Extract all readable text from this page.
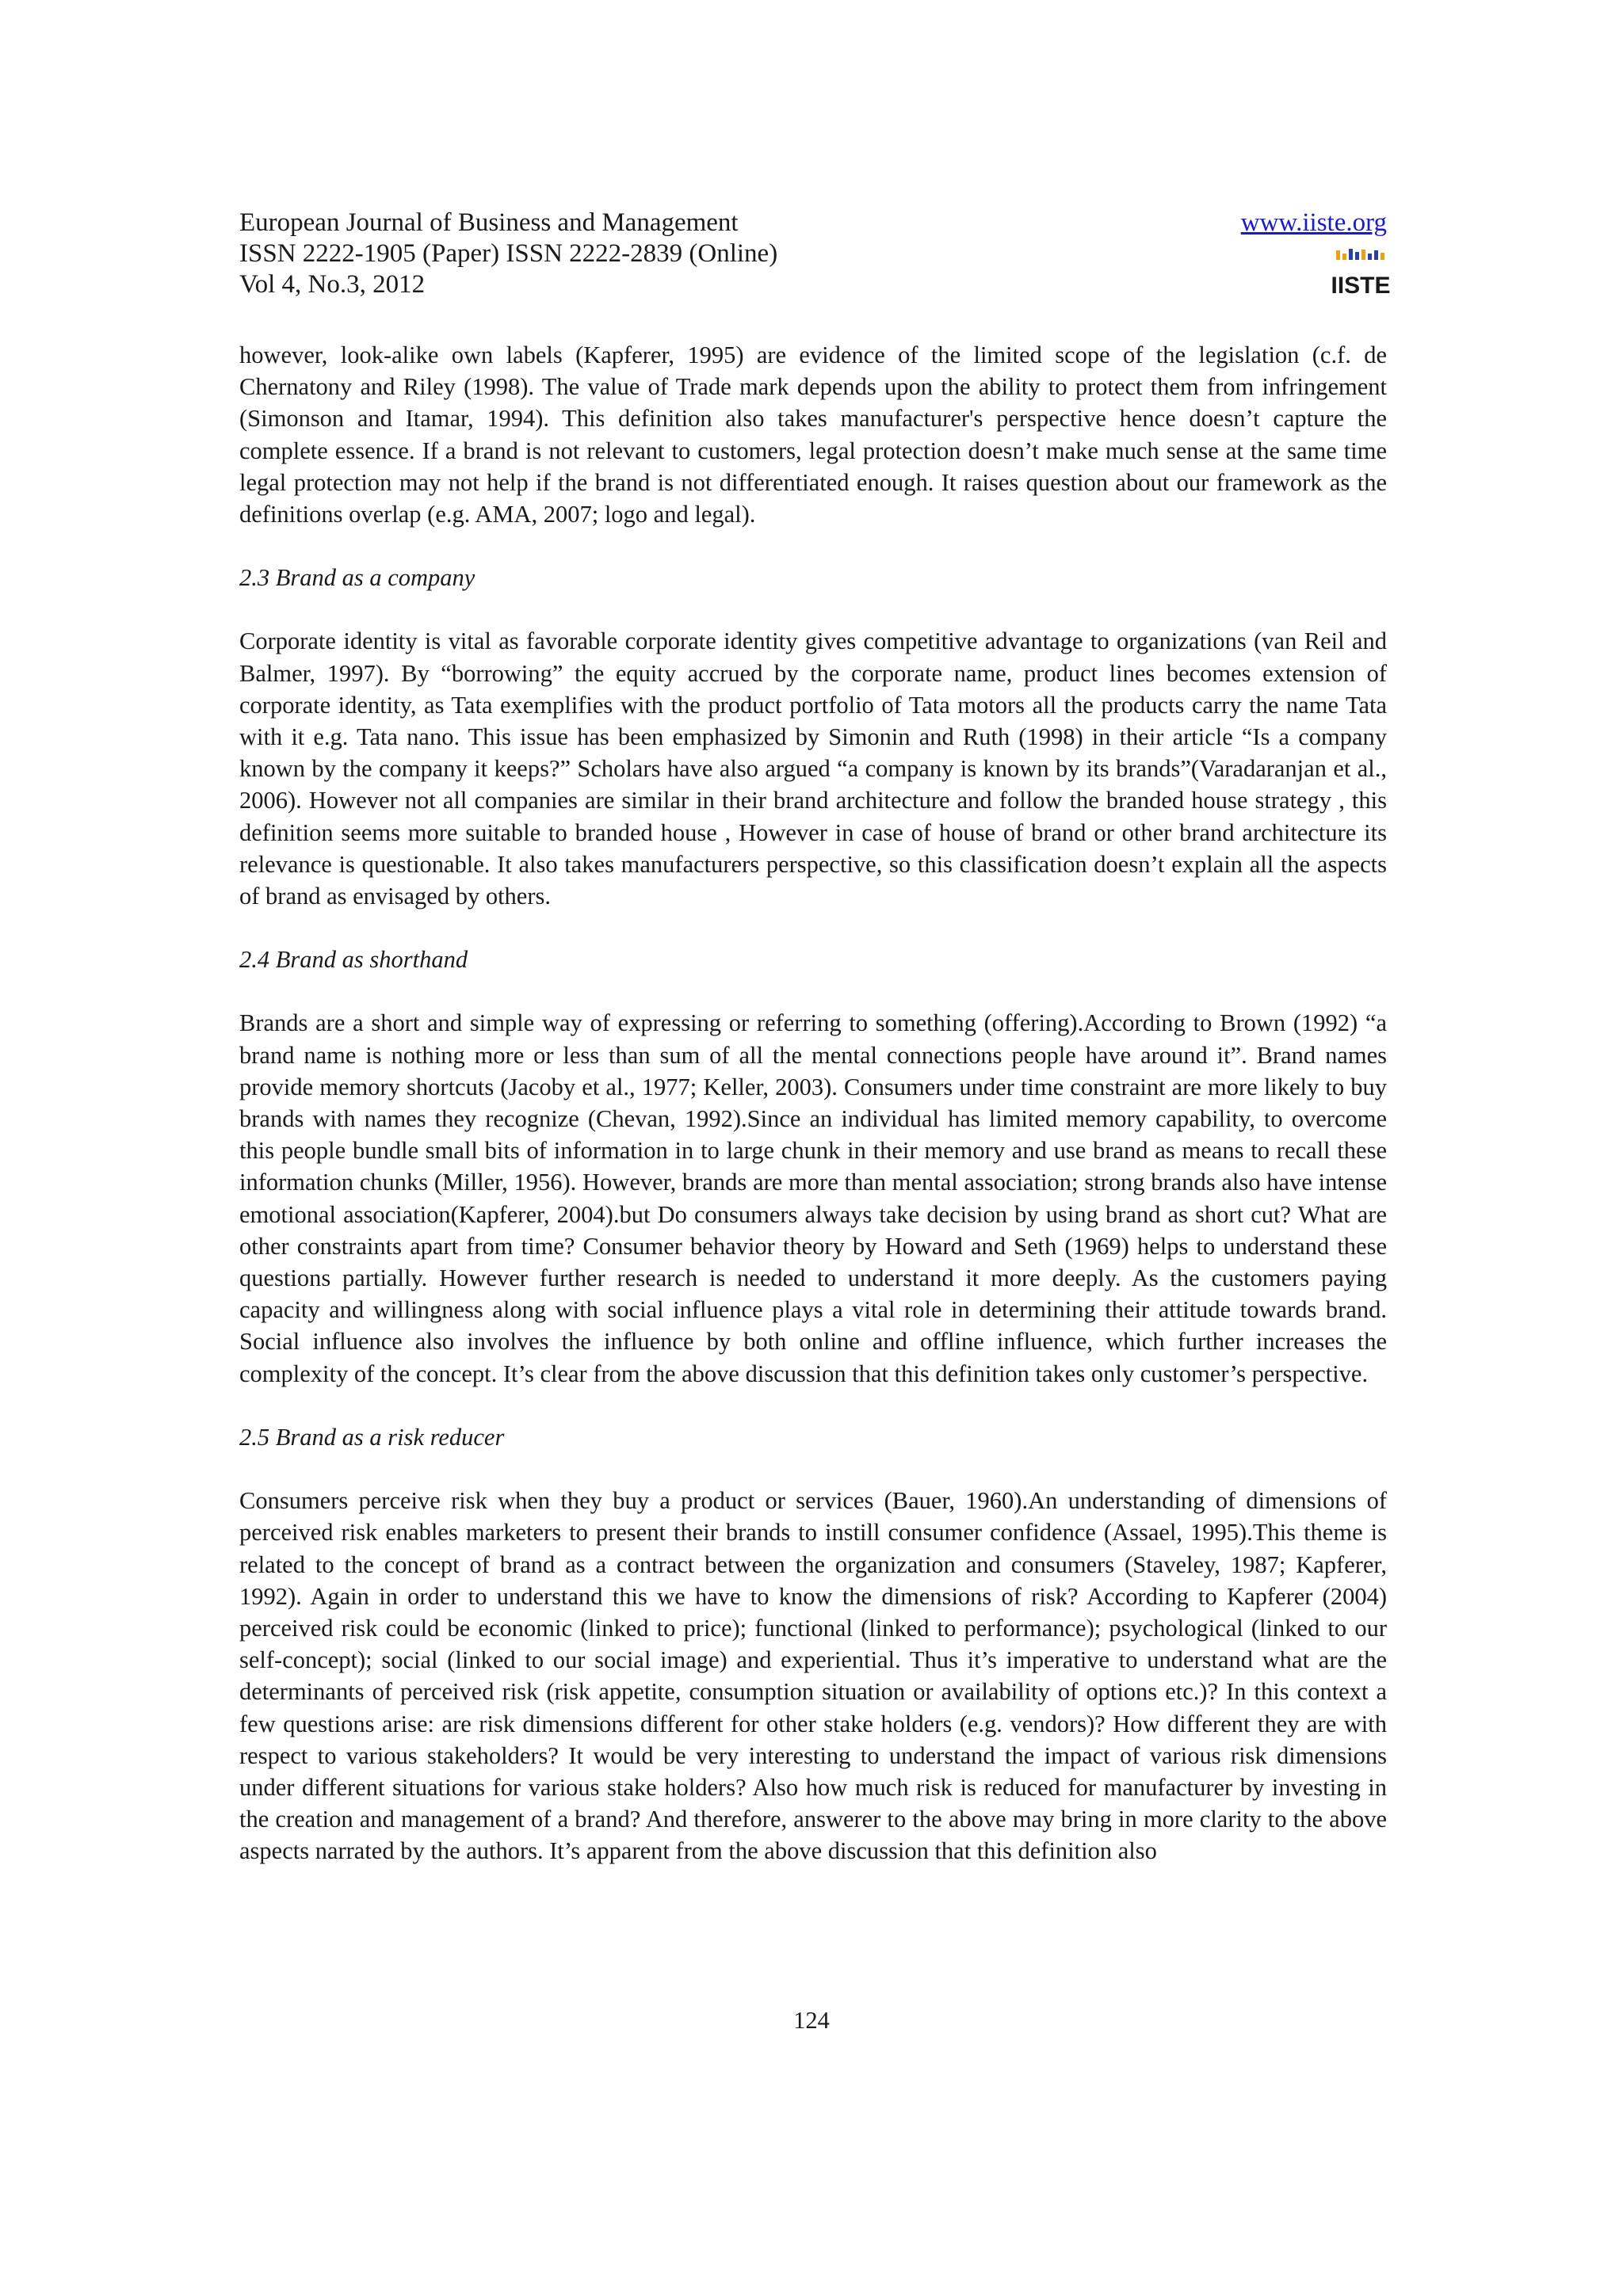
European Journal of Business and Management
ISSN 2222-1905 (Paper) ISSN 2222-2839 (Online)
Vol 4, No.3, 2012
www.iiste.org
IISTE

however, look-alike own labels (Kapferer, 1995) are evidence of the limited scope of the legislation (c.f. de Chernatony and Riley (1998). The value of Trade mark depends upon the ability to protect them from infringement (Simonson and Itamar, 1994). This definition also takes manufacturer's perspective hence doesn’t capture the complete essence. If a brand is not relevant to customers, legal protection doesn’t make much sense at the same time legal protection may not help if the brand is not differentiated enough. It raises question about our framework as the definitions overlap (e.g. AMA, 2007; logo and legal).

2.3 Brand as a company

Corporate identity is vital as favorable corporate identity gives competitive advantage to organizations (van Reil and Balmer, 1997). By “borrowing” the equity accrued by the corporate name, product lines becomes extension of corporate identity, as Tata exemplifies with the product portfolio of Tata motors all the products carry the name Tata with it e.g. Tata nano. This issue has been emphasized by Simonin and Ruth (1998) in their article “Is a company known by the company it keeps?” Scholars have also argued “a company is known by its brands”(Varadaranjan et al., 2006). However not all companies are similar in their brand architecture and follow the branded house strategy , this definition seems more suitable to branded house , However in case of house of brand or other brand architecture its relevance is questionable. It also takes manufacturers perspective, so this classification doesn’t explain all the aspects of brand as envisaged by others.

2.4 Brand as shorthand

Brands are a short and simple way of expressing or referring to something (offering).According to Brown (1992) “a brand name is nothing more or less than sum of all the mental connections people have around it”. Brand names provide memory shortcuts (Jacoby et al., 1977; Keller, 2003). Consumers under time constraint are more likely to buy brands with names they recognize (Chevan, 1992).Since an individual has limited memory capability, to overcome this people bundle small bits of information in to large chunk in their memory and use brand as means to recall these information chunks (Miller, 1956). However, brands are more than mental association; strong brands also have intense emotional association(Kapferer, 2004).but Do consumers always take decision by using brand as short cut? What are other constraints apart from time? Consumer behavior theory by Howard and Seth (1969) helps to understand these questions partially. However further research is needed to understand it more deeply. As the customers paying capacity and willingness along with social influence plays a vital role in determining their attitude towards brand. Social influence also involves the influence by both online and offline influence, which further increases the complexity of the concept. It’s clear from the above discussion that this definition takes only customer’s perspective.

2.5 Brand as a risk reducer

Consumers perceive risk when they buy a product or services (Bauer, 1960).An understanding of dimensions of perceived risk enables marketers to present their brands to instill consumer confidence (Assael, 1995).This theme is related to the concept of brand as a contract between the organization and consumers (Staveley, 1987; Kapferer, 1992). Again in order to understand this we have to know the dimensions of risk? According to Kapferer (2004) perceived risk could be economic (linked to price); functional (linked to performance); psychological (linked to our self-concept); social (linked to our social image) and experiential. Thus it’s imperative to understand what are the determinants of perceived risk (risk appetite, consumption situation or availability of options etc.)? In this context a few questions arise: are risk dimensions different for other stake holders (e.g. vendors)? How different they are with respect to various stakeholders? It would be very interesting to understand the impact of various risk dimensions under different situations for various stake holders? Also how much risk is reduced for manufacturer by investing in the creation and management of a brand? And therefore, answerer to the above may bring in more clarity to the above aspects narrated by the authors. It’s apparent from the above discussion that this definition also

124
